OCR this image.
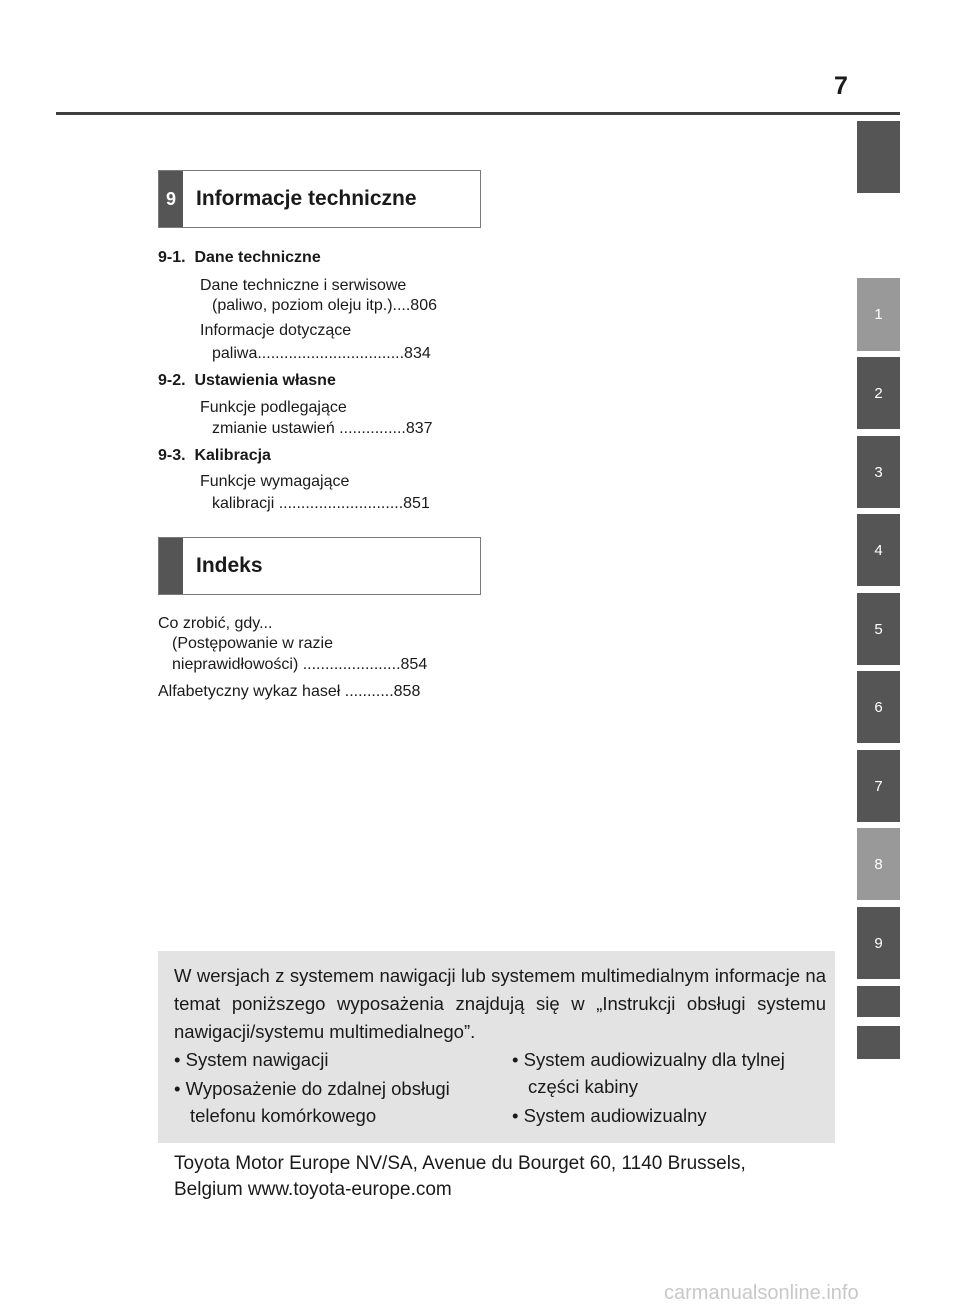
7
1
2
3
4
5
6
7
8
9
9 Informacje techniczne
9-1.  Dane techniczne
Dane techniczne i serwisowe
(paliwo, poziom oleju itp.)....806
Informacje dotyczące
paliwa.................................834
9-2.  Ustawienia własne
Funkcje podlegające
zmianie ustawień ...............837
9-3.  Kalibracja
Funkcje wymagające
kalibracji ............................851
Indeks
Co zrobić, gdy...
(Postępowanie w razie
nieprawidłowości) ......................854
Alfabetyczny wykaz haseł ...........858
W wersjach z systemem nawigacji lub systemem multimedialnym informacje na temat poniższego wyposażenia znajdują się w „Instrukcji obsługi systemu nawigacji/systemu multimedialnego”.
• System nawigacji
• Wyposażenie do zdalnej obsługi
telefonu komórkowego
• System audiowizualny dla tylnej
części kabiny
• System audiowizualny
Toyota Motor Europe NV/SA, Avenue du Bourget 60, 1140 Brussels,
Belgium www.toyota-europe.com
carmanualsonline.info
